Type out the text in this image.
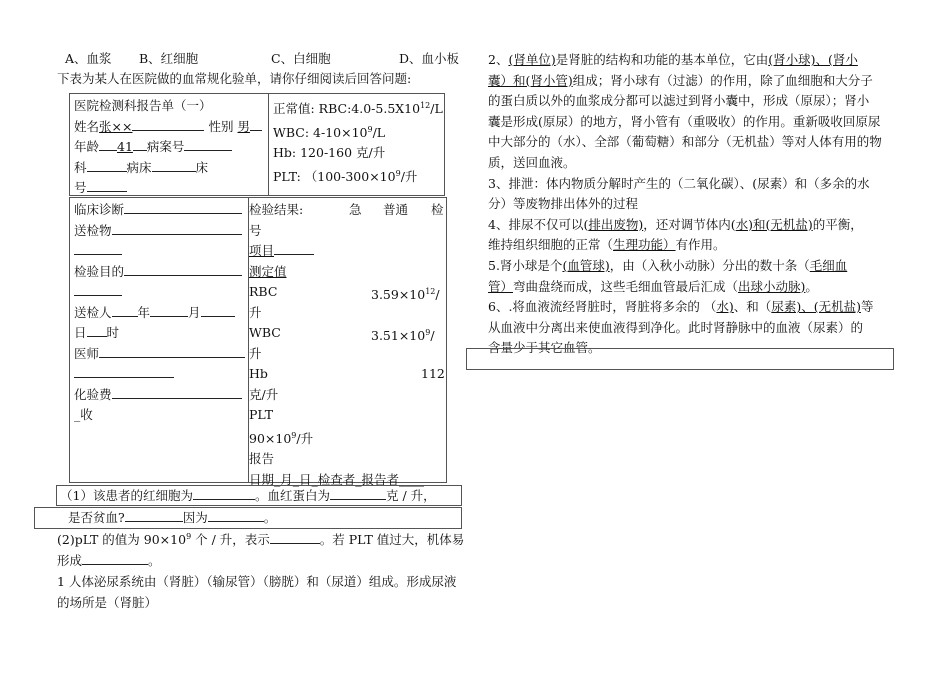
A、血浆 B、红细胞	C、白细胞	D、血小板
下表为某人在医院做的血常规化验单，请你仔细阅读后回答问题:
医院检测科报告单（一）
姓名张××	性别 男
年龄 41 病案号
科	病床	床
号
正常值: $RBC:4.0-5.5X10^{12}/L$
WBC: $4-10\times 10^9/L$
Hb: 120-160 克/升
PLT: （$100-300\times 10^9/$升
临床诊断
送检物
检验目的
送检人 年	月
日 时
医师
化验费
_收
检验结果:	急 普通 检
号
项目
测定值
RBC	$3.59\times 10^{12}/$
升
WBC	$3.51\times 10^9/$
升
Hb	112
克/升
PLT
$90\times 10^9/$升
报告
日期_月_日_检查者_报告者____
（1）该患者的红细胞为	。血红蛋白为	克 / 升，
是否贫血?	因为	。
(2)pLT 的值为 $90\times 10^9$ 个 / 升，表示	。若 PLT 值过大，机体易
形成	。
1 人体泌尿系统由（肾脏）（输尿管）（膀胱）和（尿道）组成。形成尿液
的场所是（肾脏）

2、(肾单位)是肾脏的结构和功能的基本单位，它由(肾小球)、(肾小

囊）和(肾小管)组成；肾小球有（过滤）的作用，除了血细胞和大分子

的蛋白质以外的血浆成分都可以滤过到肾小囊中，形成（原尿）；肾小

囊是形成(原尿）的地方，肾小管有（重吸收）的作用。重新吸收回原尿

中大部分的（水）、全部（葡萄糖）和部分（无机盐）等对人体有用的物

质，送回血液。

3、排泄：体内物质分解时产生的（二氧化碳）、(尿素）和（多余的水

分）等废物排出体外的过程

4、排尿不仅可以(排出废物)，还对调节体内(水)和(无机盐)的平衡，

维持组织细胞的正常（生理功能）有作用。

5.肾小球是个(血管球)，由（入秋小动脉）分出的数十条（毛细血

管）弯曲盘绕而成，这些毛细血管最后汇成（出球小动脉)。

6、.将血液流经肾脏时，肾脏将多余的 （水)、和（尿素)、(无机盐)等

从血液中分离出来使血液得到净化。此时肾静脉中的血液（尿素）的

含量少于其它血管。
